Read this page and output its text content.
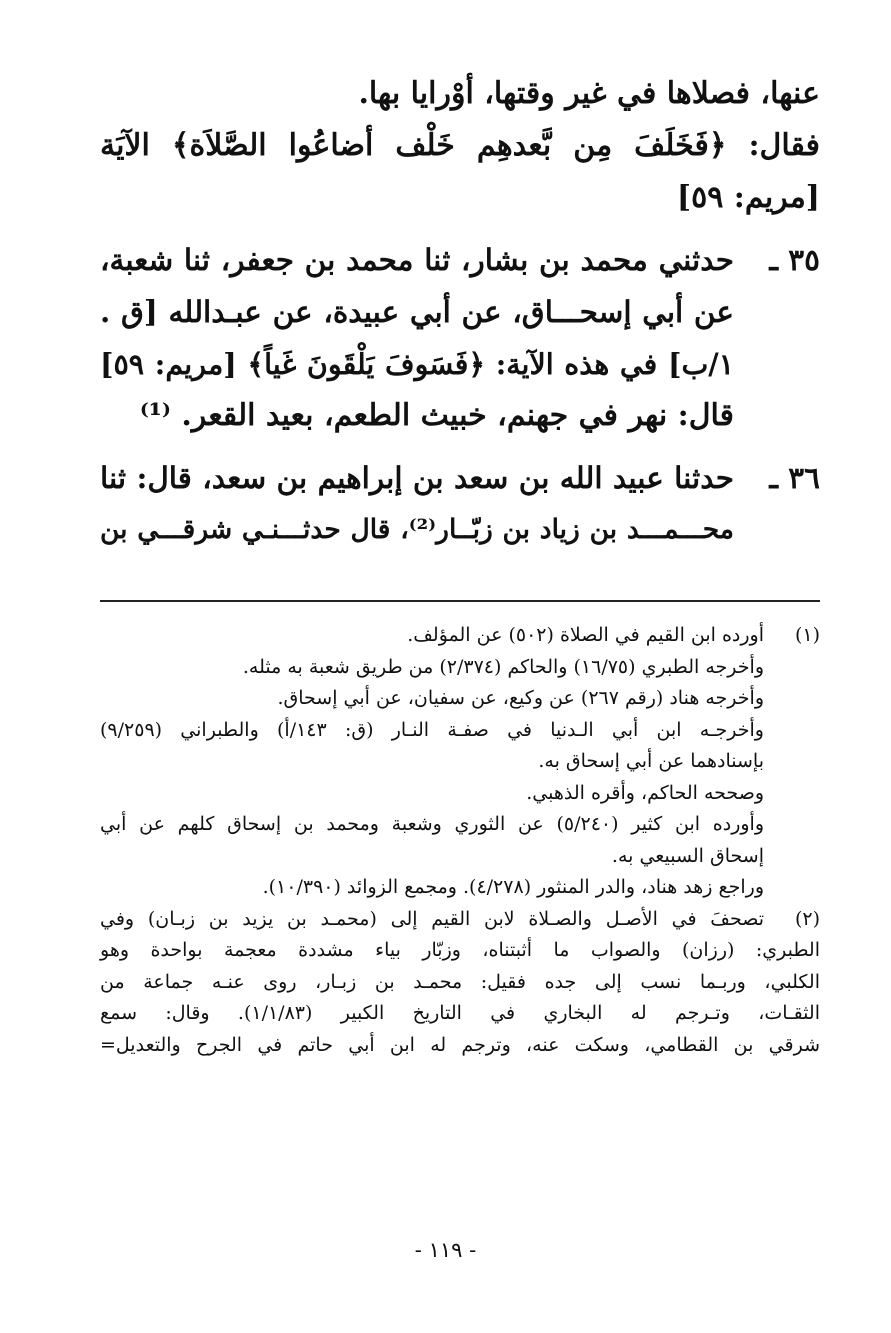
عنها، فصلاها في غير وقتها، أوْرايا بها.
فقال: ﴿فَخَلَفَ مِن بَّعدهِم خَلْف أضاعُوا الصَّلاَة﴾ الآيَة
[مريم: ٥٩]
٣٥ ـ
حدثني محمد بن بشار، ثنا محمد بن جعفر، ثنا شعبة،
عن أبي إسحـــاق، عن أبي عبيدة، عن عبـدالله [ق .
١/ب] في هذه الآية: ﴿فَسَوفَ يَلْقَونَ غَياً﴾ [مريم: ٥٩]
قال: نهر في جهنم، خبيث الطعم، بعيد القعر. ⁽¹⁾
٣٦ ـ
حدثنا عبيد الله بن سعد بن إبراهيم بن سعد، قال: ثنا
محـــمـــد بن زياد بن زبّــار⁽²⁾، قال حدثـــنـي شرقـــي بن
(١)
أورده ابن القيم في الصلاة (٥٠٢) عن المؤلف.
وأخرجه الطبري (١٦/٧٥) والحاكم (٢/٣٧٤) من طريق شعبة به مثله.
وأخرجه هناد (رقم ٢٦٧) عن وكيع، عن سفيان، عن أبي إسحاق.
وأخرجـه ابن أبي الـدنيا في صفـة النـار (ق: ١٤٣/أ) والطبراني (٩/٢٥٩)
بإسنادهما عن أبي إسحاق به.
وصححه الحاكم، وأقره الذهبي.
وأورده ابن كثير (٥/٢٤٠) عن الثوري وشعبة ومحمد بن إسحاق كلهم عن أبي
إسحاق السبيعي به.
وراجع زهد هناد، والدر المنثور (٤/٢٧٨). ومجمع الزوائد (١٠/٣٩٠).
(٢)
تصحفَ في الأصـل والصـلاة لابن القيم إلى (محمـد بن يزيد بن زبـان) وفي
الطبري: (رزان) والصواب ما أثبتناه، وزبّار بياء مشددة معجمة بواحدة وهو
الكلبي، وربـما نسب إلى جده فقيل: محمـد بن زبـار، روى عنـه جماعة من
الثقـات، وتـرجم له البخاري في التاريخ الكبير (١/١/٨٣). وقال: سمع
شرقي بن القطامي، وسكت عنه، وترجم له ابن أبي حاتم في الجرح والتعديل=
- ١١٩ -
